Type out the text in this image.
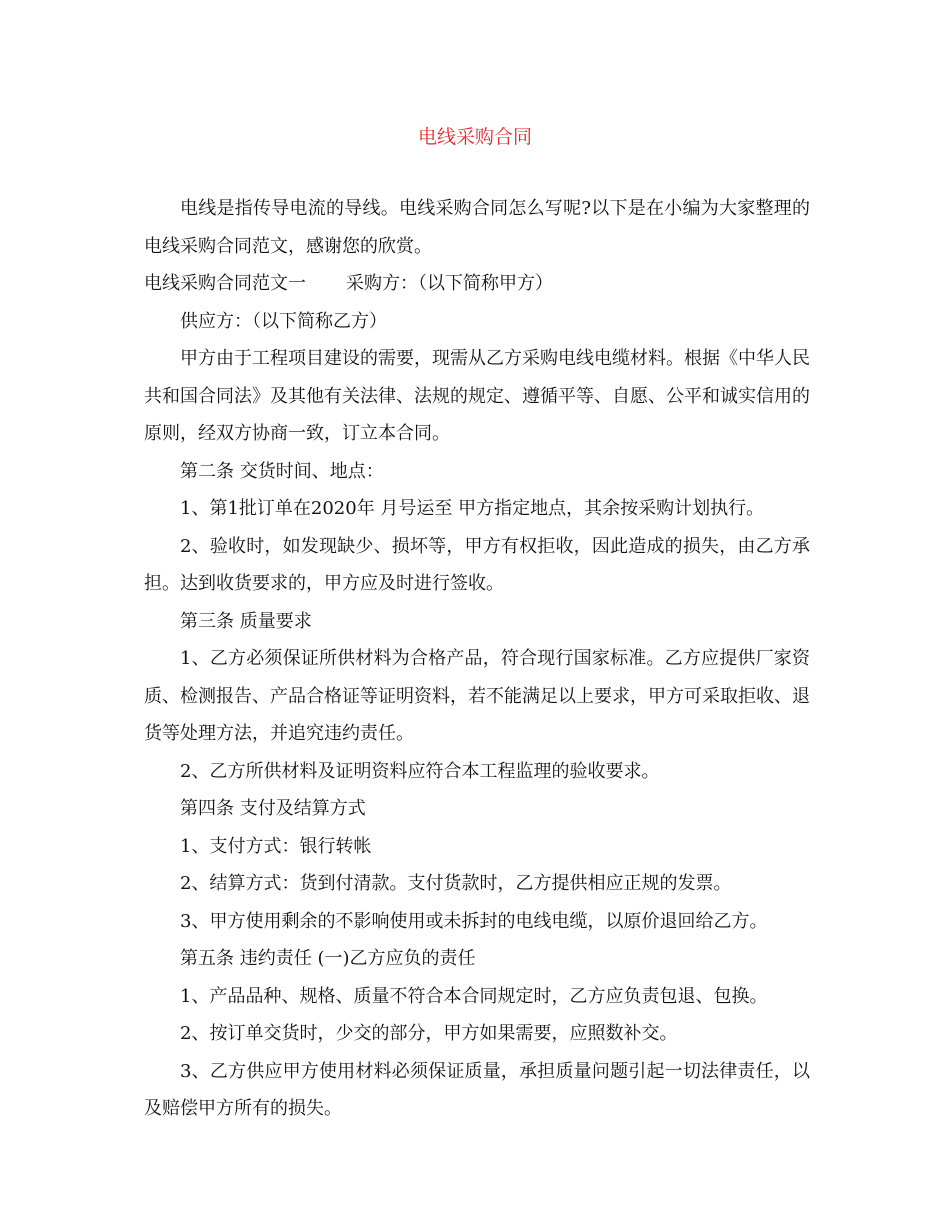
电线采购合同

电线是指传导电流的导线。电线采购合同怎么写呢?以下是在小编为大家整理的电线采购合同范文，感谢您的欣赏。

电线采购合同范文一 采购方：（以下简称甲方）

供应方：（以下简称乙方）

甲方由于工程项目建设的需要，现需从乙方采购电线电缆材料。根据《中华人民共和国合同法》及其他有关法律、法规的规定、遵循平等、自愿、公平和诚实信用的原则，经双方协商一致，订立本合同。

第二条 交货时间、地点：

1、第1批订单在2020年 月号运至 甲方指定地点，其余按采购计划执行。

2、验收时，如发现缺少、损坏等，甲方有权拒收，因此造成的损失，由乙方承担。达到收货要求的，甲方应及时进行签收。

第三条 质量要求

1、乙方必须保证所供材料为合格产品，符合现行国家标准。乙方应提供厂家资质、检测报告、产品合格证等证明资料，若不能满足以上要求，甲方可采取拒收、退货等处理方法，并追究违约责任。

2、乙方所供材料及证明资料应符合本工程监理的验收要求。

第四条 支付及结算方式

1、支付方式：银行转帐

2、结算方式：货到付清款。支付货款时，乙方提供相应正规的发票。

3、甲方使用剩余的不影响使用或未拆封的电线电缆，以原价退回给乙方。

第五条 违约责任 (一)乙方应负的责任

1、产品品种、规格、质量不符合本合同规定时，乙方应负责包退、包换。

2、按订单交货时，少交的部分，甲方如果需要，应照数补交。

3、乙方供应甲方使用材料必须保证质量，承担质量问题引起一切法律责任，以及赔偿甲方所有的损失。
